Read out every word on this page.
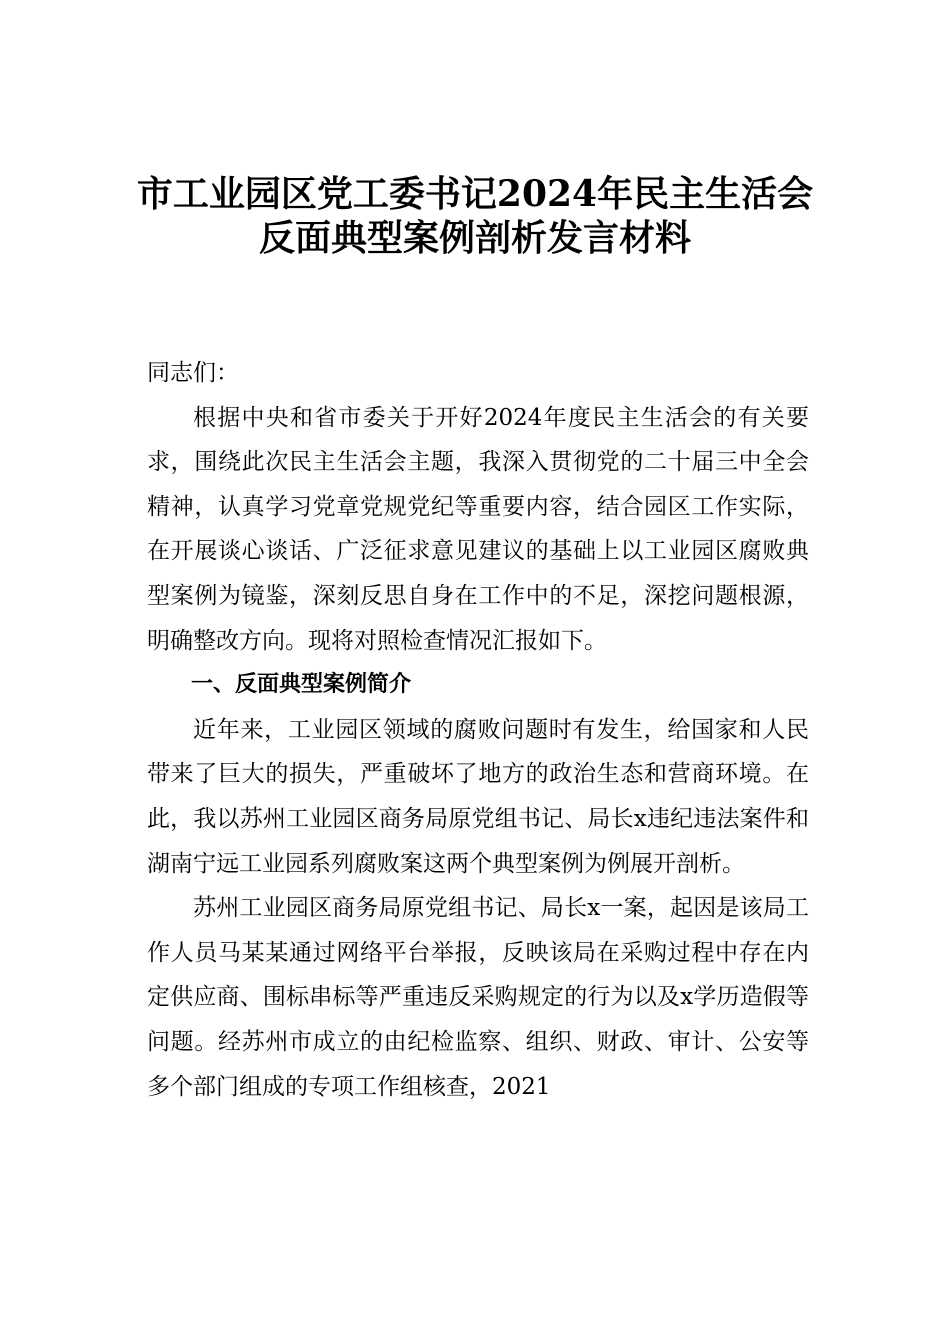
市工业园区党工委书记2024年民主生活会
反面典型案例剖析发言材料

同志们：

根据中央和省市委关于开好2024年度民主生活会的有关要求，围绕此次民主生活会主题，我深入贯彻党的二十届三中全会精神，认真学习党章党规党纪等重要内容，结合园区工作实际，在开展谈心谈话、广泛征求意见建议的基础上以工业园区腐败典型案例为镜鉴，深刻反思自身在工作中的不足，深挖问题根源，明确整改方向。现将对照检查情况汇报如下。

一、反面典型案例简介

近年来，工业园区领域的腐败问题时有发生，给国家和人民带来了巨大的损失，严重破坏了地方的政治生态和营商环境。在此，我以苏州工业园区商务局原党组书记、局长x违纪违法案件和湖南宁远工业园系列腐败案这两个典型案例为例展开剖析。

苏州工业园区商务局原党组书记、局长x一案，起因是该局工作人员马某某通过网络平台举报，反映该局在采购过程中存在内定供应商、围标串标等严重违反采购规定的行为以及x学历造假等问题。经苏州市成立的由纪检监察、组织、财政、审计、公安等多个部门组成的专项工作组核查，2021
